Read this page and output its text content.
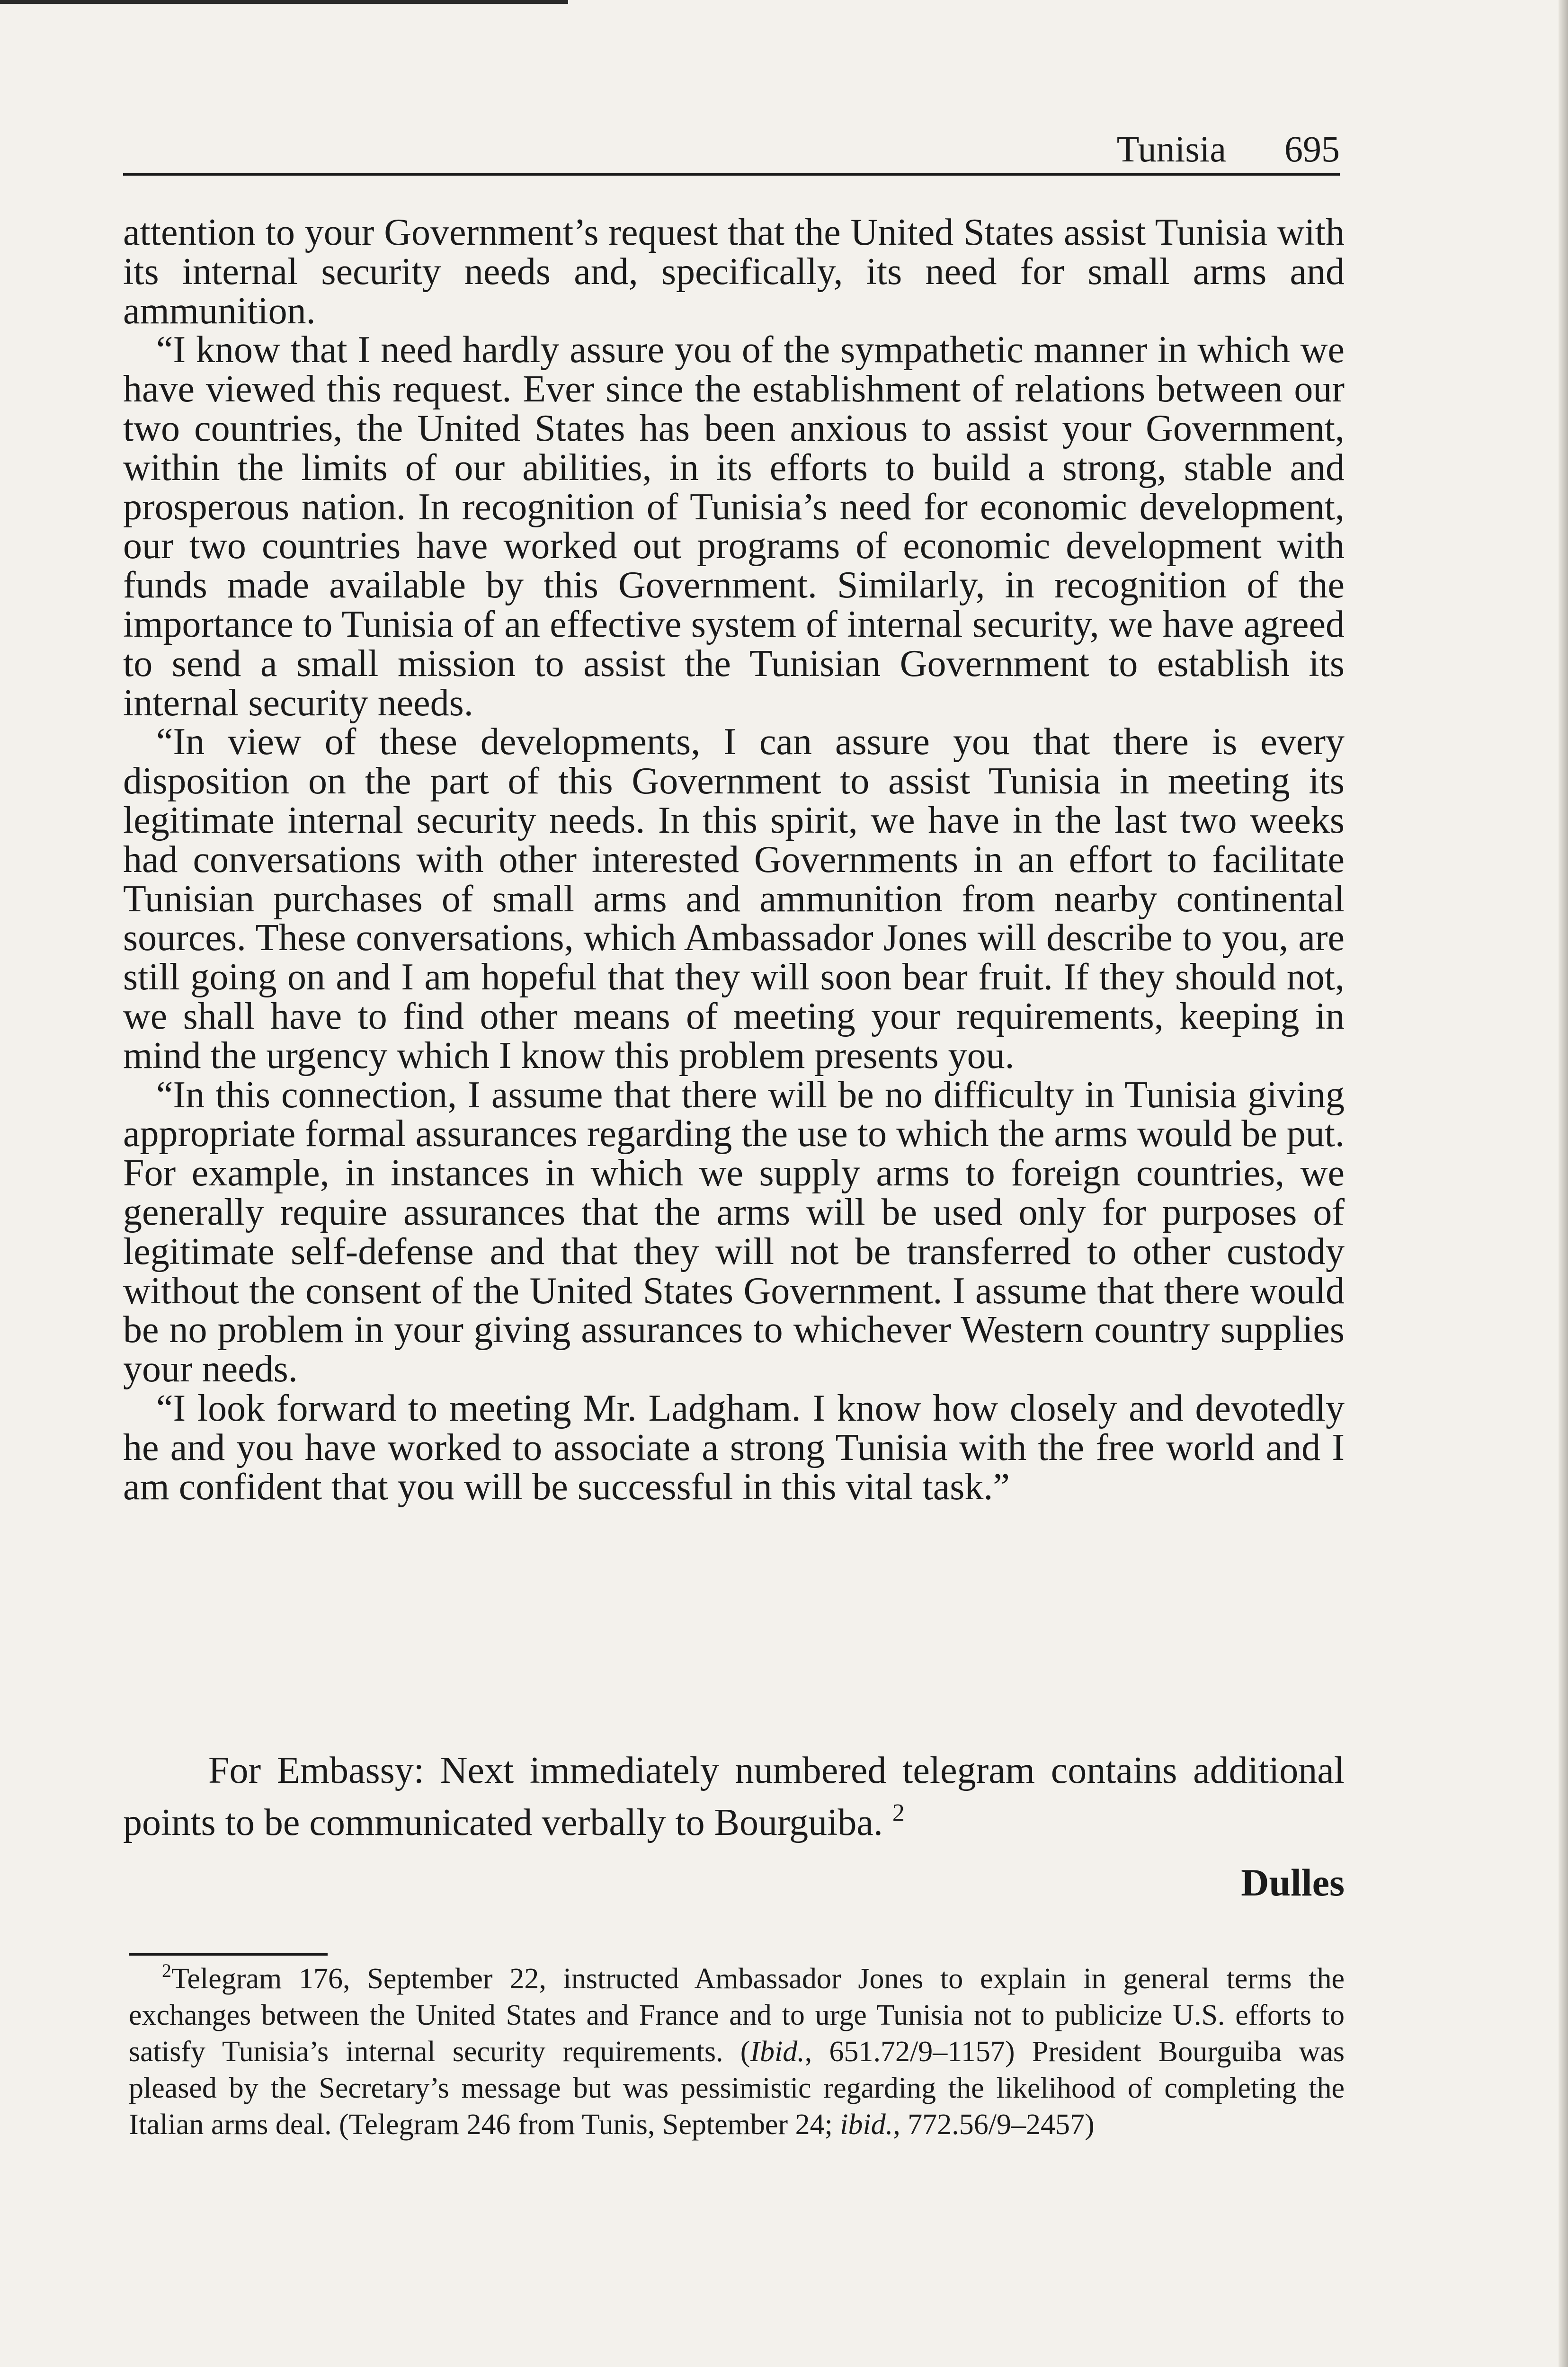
Tunisia 695

attention to your Government’s request that the United States assist Tunisia with its internal security needs and, specifically, its need for small arms and ammunition.

“I know that I need hardly assure you of the sympathetic manner in which we have viewed this request. Ever since the establishment of relations between our two countries, the United States has been anxious to assist your Government, within the limits of our abilities, in its efforts to build a strong, stable and prosperous nation. In recognition of Tunisia’s need for economic development, our two countries have worked out programs of economic development with funds made available by this Government. Similarly, in recognition of the importance to Tunisia of an effective system of internal security, we have agreed to send a small mission to assist the Tunisian Government to establish its internal security needs.

“In view of these developments, I can assure you that there is every disposition on the part of this Government to assist Tunisia in meeting its legitimate internal security needs. In this spirit, we have in the last two weeks had conversations with other interested Governments in an effort to facilitate Tunisian purchases of small arms and ammunition from nearby continental sources. These conversations, which Ambassador Jones will describe to you, are still going on and I am hopeful that they will soon bear fruit. If they should not, we shall have to find other means of meeting your requirements, keeping in mind the urgency which I know this problem presents you.

“In this connection, I assume that there will be no difficulty in Tunisia giving appropriate formal assurances regarding the use to which the arms would be put. For example, in instances in which we supply arms to foreign countries, we generally require assurances that the arms will be used only for purposes of legitimate self-defense and that they will not be transferred to other custody without the consent of the United States Government. I assume that there would be no problem in your giving assurances to whichever Western country supplies your needs.

“I look forward to meeting Mr. Ladgham. I know how closely and devotedly he and you have worked to associate a strong Tunisia with the free world and I am confident that you will be successful in this vital task.”

For Embassy: Next immediately numbered telegram contains additional points to be communicated verbally to Bourguiba. $^2$

Dulles

$^2$Telegram 176, September 22, instructed Ambassador Jones to explain in general terms the exchanges between the United States and France and to urge Tunisia not to publicize U.S. efforts to satisfy Tunisia’s internal security requirements. (Ibid., 651.72/9–1157) President Bourguiba was pleased by the Secretary’s message but was pessimistic regarding the likelihood of completing the Italian arms deal. (Telegram 246 from Tunis, September 24; ibid., 772.56/9–2457)
